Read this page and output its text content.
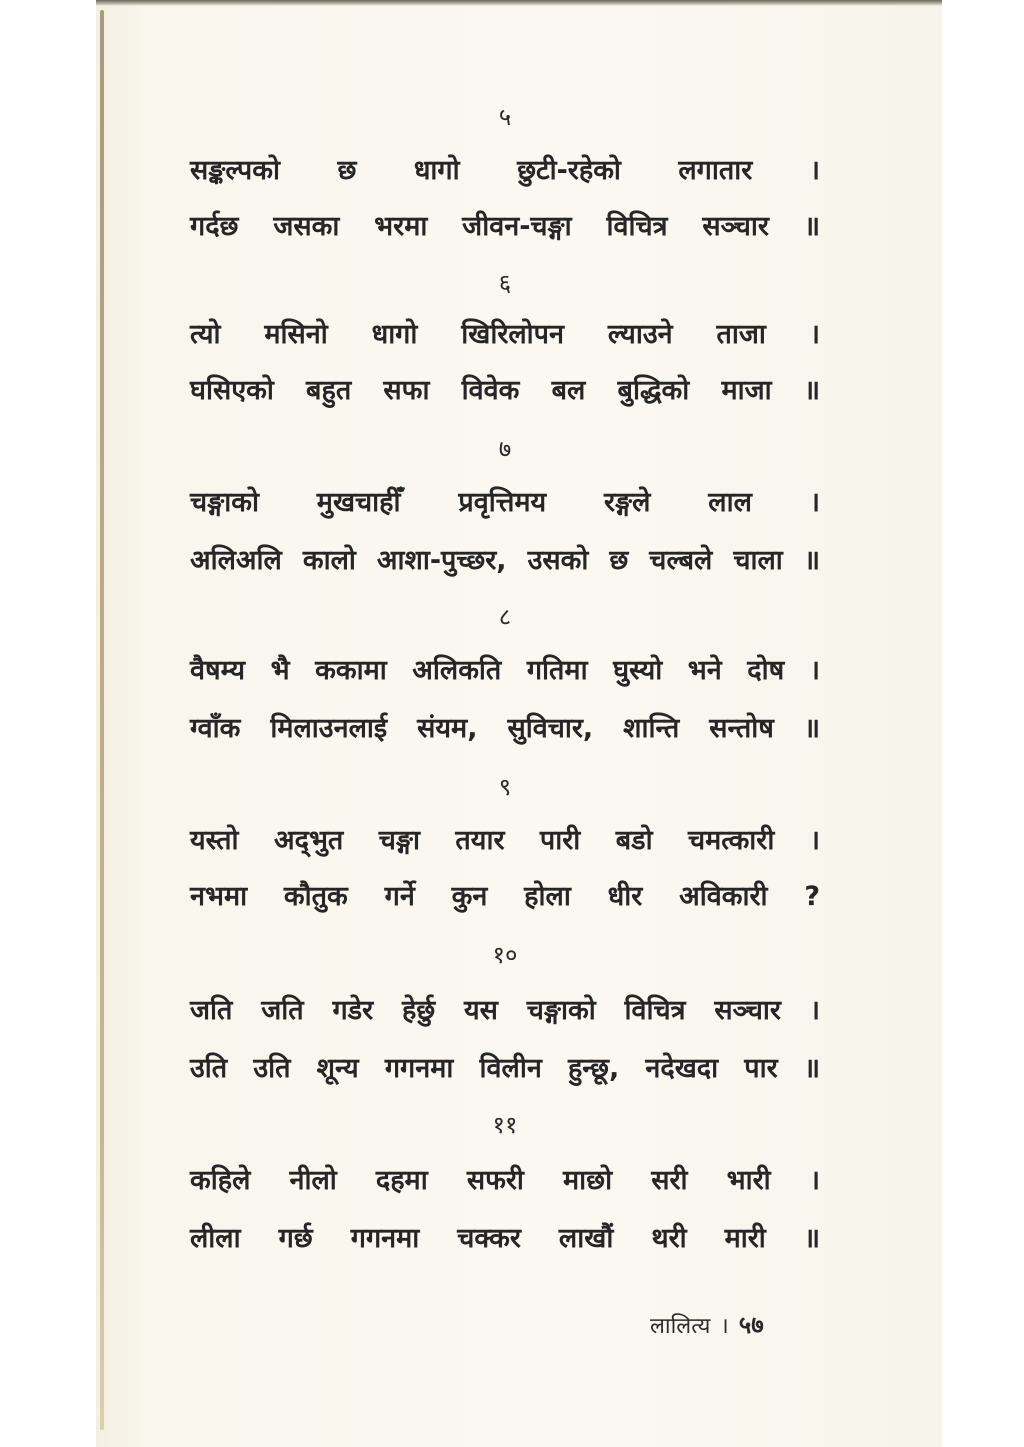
५
सङ्कल्पको छ धागो छुटी-रहेको लगातार ।
गर्दछ जसका भरमा जीवन-चङ्गा विचित्र सञ्चार ॥
६
त्यो मसिनो धागो खिरिलोपन ल्याउने ताजा ।
घसिएको बहुत सफा विवेक बल बुद्धिको माजा ॥
७
चङ्गाको मुखचाहीँ प्रवृत्तिमय रङ्गले लाल ।
अलिअलि कालो आशा-पुच्छर, उसको छ चल्बले चाला ॥
८
वैषम्य भै ककामा अलिकति गतिमा घुस्यो भने दोष ।
ग्वाँक मिलाउनलाई संयम, सुविचार, शान्ति सन्तोष ॥
९
यस्तो अद्‌भुत चङ्गा तयार पारी बडो चमत्कारी ।
नभमा कौतुक गर्ने कुन होला धीर अविकारी ?
१०
जति जति गडेर हेर्छु यस चङ्गाको विचित्र सञ्चार ।
उति उति शून्य गगनमा विलीन हुन्छू, नदेखदा पार ॥
११
कहिले नीलो दहमा सफरी माछो सरी भारी ।
लीला गर्छ गगनमा चक्कर लाखौं थरी मारी ॥
लालित्य । ५७
